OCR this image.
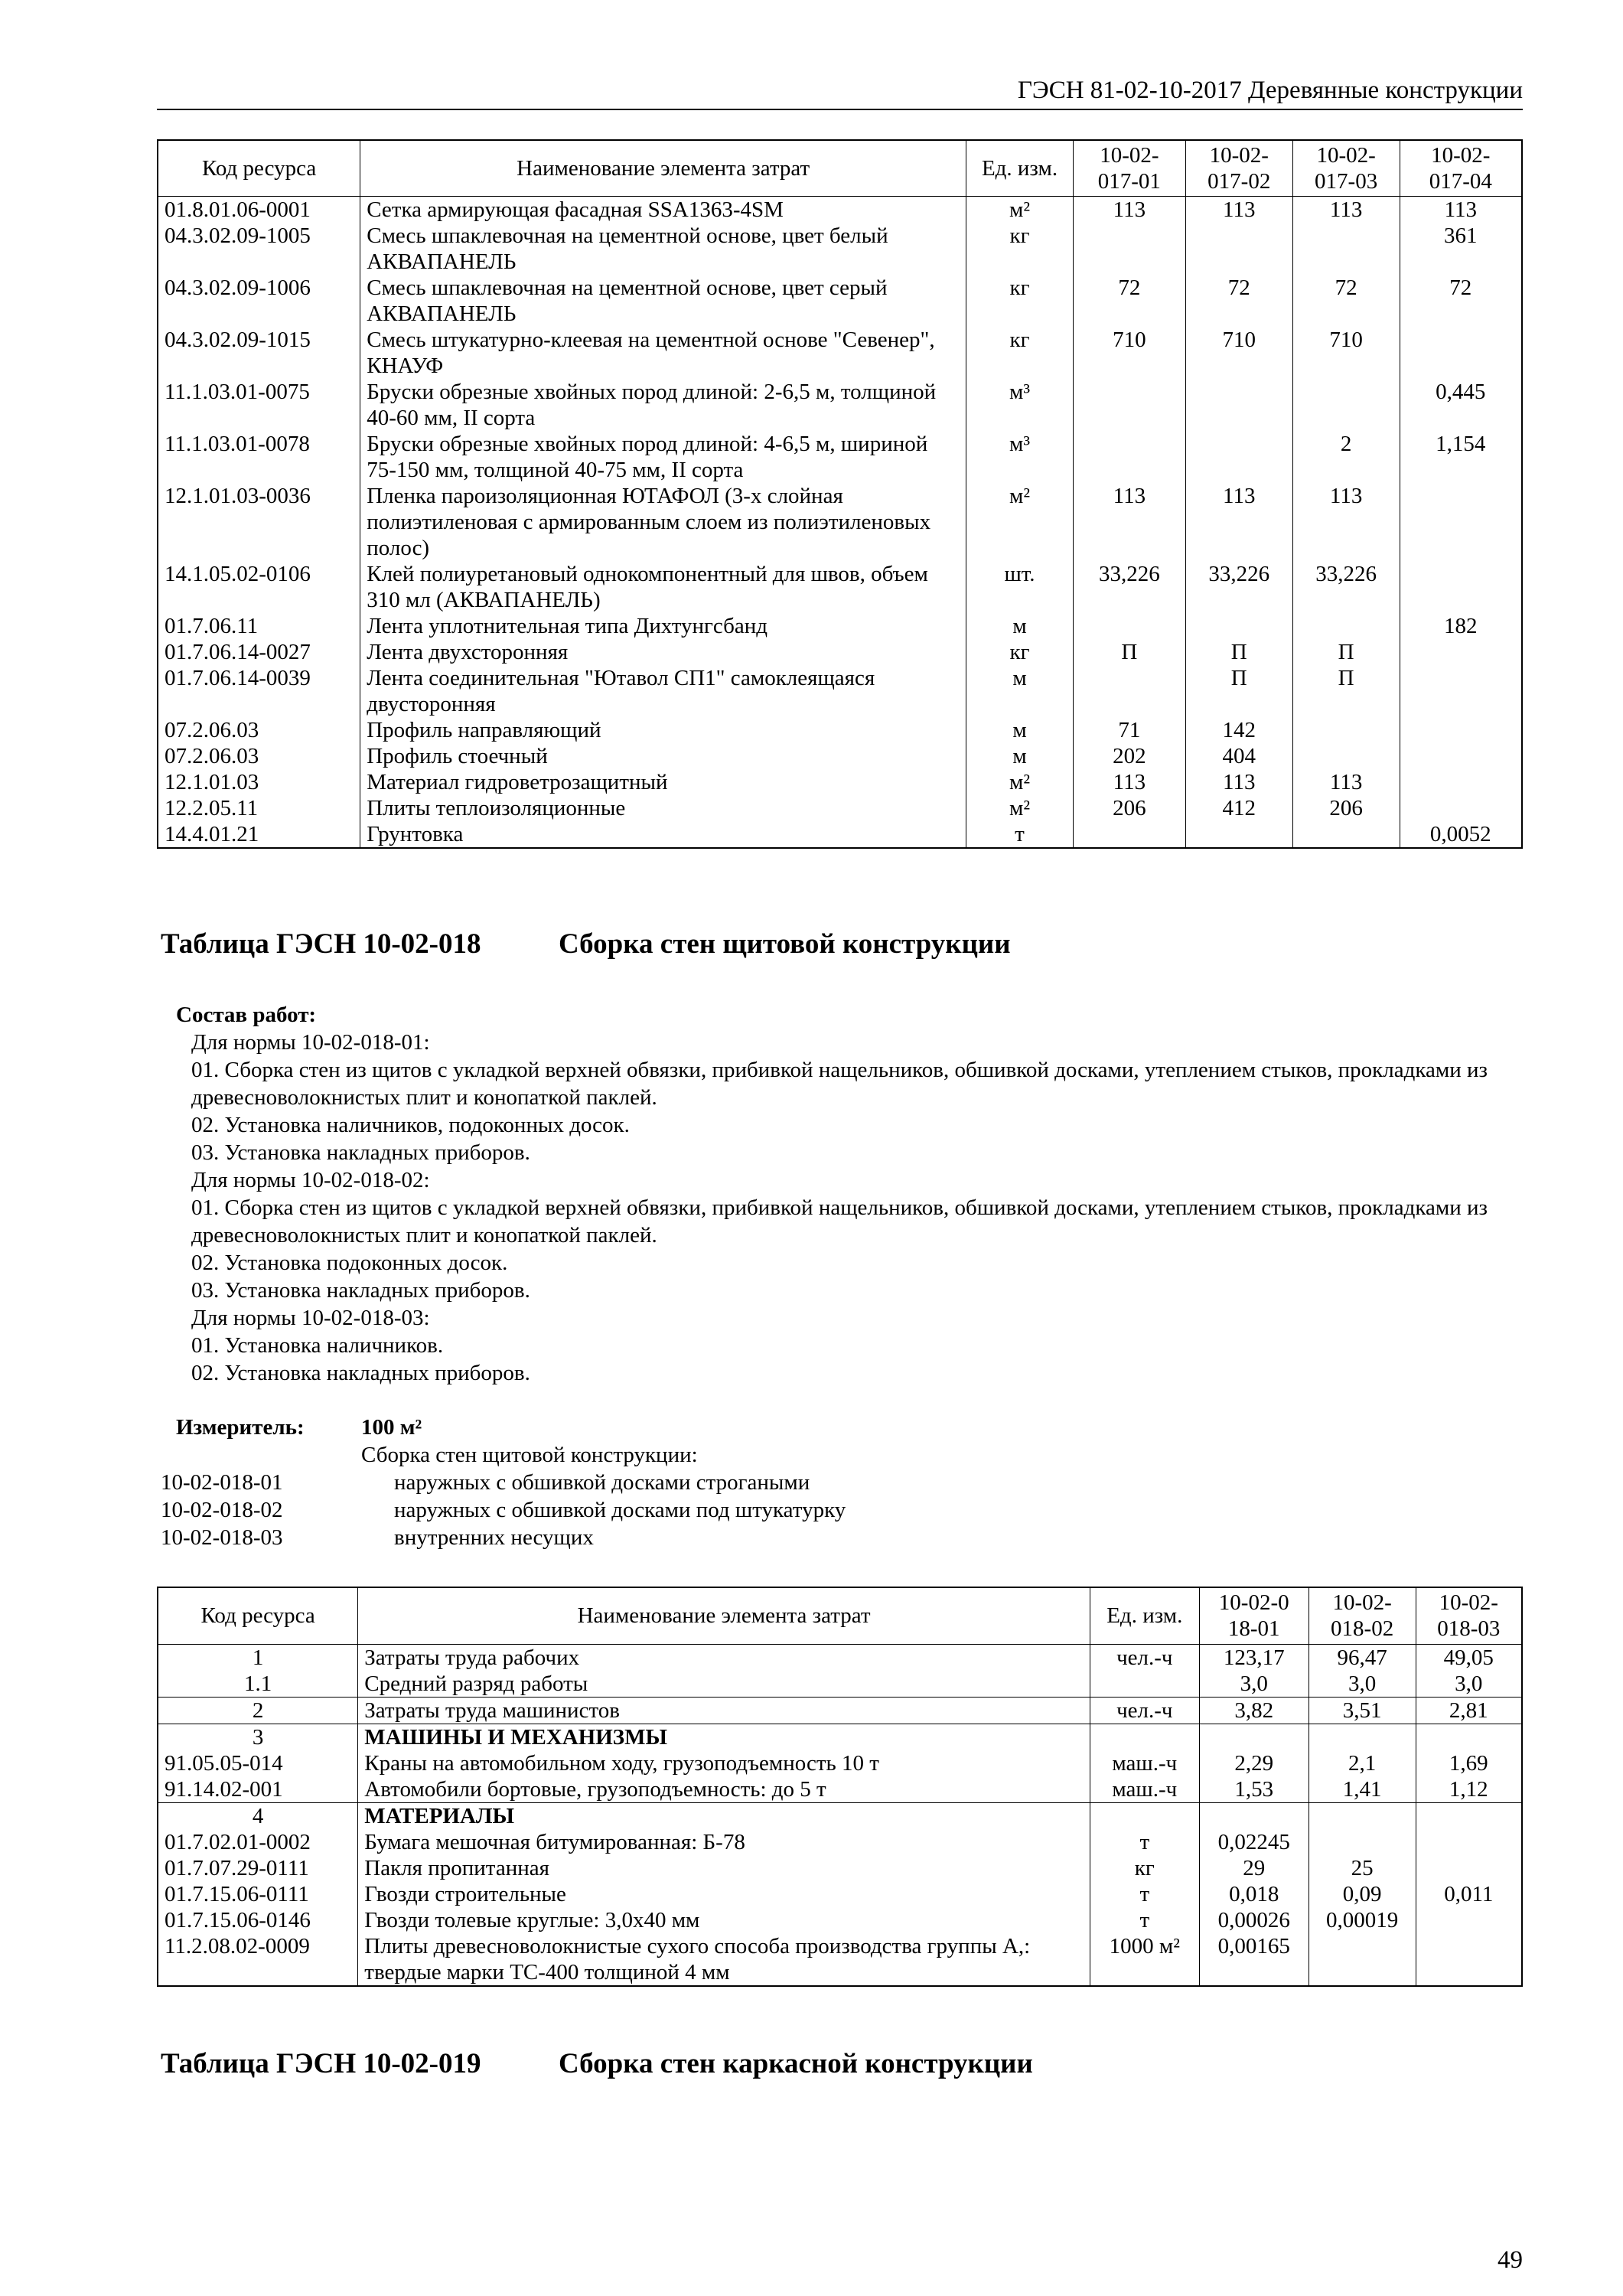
ГЭСН 81-02-10-2017 Деревянные конструкции
Код ресурса	Наименование элемента затрат	Ед. изм.	10-02-017-01	10-02-017-02	10-02-017-03	10-02-017-04
01.8.01.06-0001	Сетка армирующая фасадная SSA1363-4SM	м²	113	113	113	113
04.3.02.09-1005	Смесь шпаклевочная на цементной основе, цвет белый АКВАПАНЕЛЬ	кг				361
04.3.02.09-1006	Смесь шпаклевочная на цементной основе, цвет серый АКВАПАНЕЛЬ	кг	72	72	72	72
04.3.02.09-1015	Смесь штукатурно-клеевая на цементной основе "Севенер", КНАУФ	кг	710	710	710	
11.1.03.01-0075	Бруски обрезные хвойных пород длиной: 2-6,5 м, толщиной 40-60 мм, II сорта	м³				0,445
11.1.03.01-0078	Бруски обрезные хвойных пород длиной: 4-6,5 м, шириной 75-150 мм, толщиной 40-75 мм, II сорта	м³			2	1,154
12.1.01.03-0036	Пленка пароизоляционная ЮТАФОЛ (3-х слойная полиэтиленовая с армированным слоем из полиэтиленовых полос)	м²	113	113	113	
14.1.05.02-0106	Клей полиуретановый однокомпонентный для швов, объем 310 мл (АКВАПАНЕЛЬ)	шт.	33,226	33,226	33,226	
01.7.06.11	Лента уплотнительная типа Дихтунгсбанд	м				182
01.7.06.14-0027	Лента двухсторонняя	кг	П	П	П	
01.7.06.14-0039	Лента соединительная "Ютавол СП1" самоклеящаяся двусторонняя	м		П	П	
07.2.06.03	Профиль направляющий	м	71	142		
07.2.06.03	Профиль стоечный	м	202	404		
12.1.01.03	Материал гидроветрозащитный	м²	113	113	113	
12.2.05.11	Плиты теплоизоляционные	м²	206	412	206	
14.4.01.21	Грунтовка	т				0,0052
Таблица ГЭСН 10-02-018	Сборка стен щитовой конструкции
Состав работ:
Для нормы 10-02-018-01:
01. Сборка стен из щитов с укладкой верхней обвязки, прибивкой нащельников, обшивкой досками, утеплением стыков, прокладками из древесноволокнистых плит и конопаткой паклей.
02. Установка наличников, подоконных досок.
03. Установка накладных приборов.
Для нормы 10-02-018-02:
01. Сборка стен из щитов с укладкой верхней обвязки, прибивкой нащельников, обшивкой досками, утеплением стыков, прокладками из древесноволокнистых плит и конопаткой паклей.
02. Установка подоконных досок.
03. Установка накладных приборов.
Для нормы 10-02-018-03:
01. Установка наличников.
02. Установка накладных приборов.
Измеритель:	100 м²
Сборка стен щитовой конструкции:
10-02-018-01	наружных с обшивкой досками строгаными
10-02-018-02	наружных с обшивкой досками под штукатурку
10-02-018-03	внутренних несущих
Код ресурса	Наименование элемента затрат	Ед. изм.	10-02-018-01	10-02-018-02	10-02-018-03
1	Затраты труда рабочих	чел.-ч	123,17	96,47	49,05
1.1	Средний разряд работы		3,0	3,0	3,0
2	Затраты труда машинистов	чел.-ч	3,82	3,51	2,81
3	МАШИНЫ И МЕХАНИЗМЫ				
91.05.05-014	Краны на автомобильном ходу, грузоподъемность 10 т	маш.-ч	2,29	2,1	1,69
91.14.02-001	Автомобили бортовые, грузоподъемность: до 5 т	маш.-ч	1,53	1,41	1,12
4	МАТЕРИАЛЫ				
01.7.02.01-0002	Бумага мешочная битумированная: Б-78	т	0,02245		
01.7.07.29-0111	Пакля пропитанная	кг	29	25	
01.7.15.06-0111	Гвозди строительные	т	0,018	0,09	0,011
01.7.15.06-0146	Гвозди толевые круглые: 3,0х40 мм	т	0,00026	0,00019	
11.2.08.02-0009	Плиты древесноволокнистые сухого способа производства группы А,: твердые марки ТС-400 толщиной 4 мм	1000 м²	0,00165		
Таблица ГЭСН 10-02-019	Сборка стен каркасной конструкции
49
